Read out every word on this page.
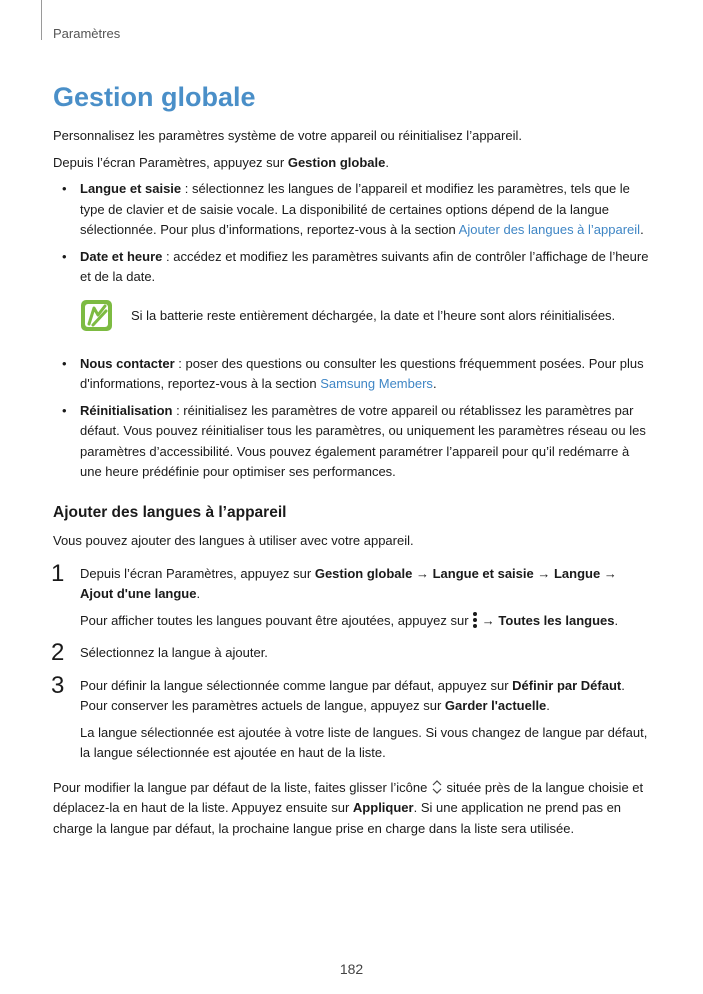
Paramètres
Gestion globale

Personnalisez les paramètres système de votre appareil ou réinitialisez l’appareil.

Depuis l’écran Paramètres, appuyez sur Gestion globale.

• Langue et saisie : sélectionnez les langues de l’appareil et modifiez les paramètres, tels que le type de clavier et de saisie vocale. La disponibilité de certaines options dépend de la langue sélectionnée. Pour plus d’informations, reportez-vous à la section Ajouter des langues à l’appareil.
• Date et heure : accédez et modifiez les paramètres suivants afin de contrôler l’affichage de l’heure et de la date.
Si la batterie reste entièrement déchargée, la date et l’heure sont alors réinitialisées.
• Nous contacter : poser des questions ou consulter les questions fréquemment posées. Pour plus d'informations, reportez-vous à la section Samsung Members.
• Réinitialisation : réinitialisez les paramètres de votre appareil ou rétablissez les paramètres par défaut. Vous pouvez réinitialiser tous les paramètres, ou uniquement les paramètres réseau ou les paramètres d’accessibilité. Vous pouvez également paramétrer l’appareil pour qu’il redémarre à une heure prédéfinie pour optimiser ses performances.
Ajouter des langues à l’appareil

Vous pouvez ajouter des langues à utiliser avec votre appareil.

1 Depuis l’écran Paramètres, appuyez sur Gestion globale → Langue et saisie → Langue → Ajout d'une langue.

Pour afficher toutes les langues pouvant être ajoutées, appuyez sur  → Toutes les langues.

2 Sélectionnez la langue à ajouter.

3 Pour définir la langue sélectionnée comme langue par défaut, appuyez sur Définir par Défaut. Pour conserver les paramètres actuels de langue, appuyez sur Garder l'actuelle.

La langue sélectionnée est ajoutée à votre liste de langues. Si vous changez de langue par défaut, la langue sélectionnée est ajoutée en haut de la liste.

Pour modifier la langue par défaut de la liste, faites glisser l’icône  située près de la langue choisie et déplacez-la en haut de la liste. Appuyez ensuite sur Appliquer. Si une application ne prend pas en charge la langue par défaut, la prochaine langue prise en charge dans la liste sera utilisée.

182
